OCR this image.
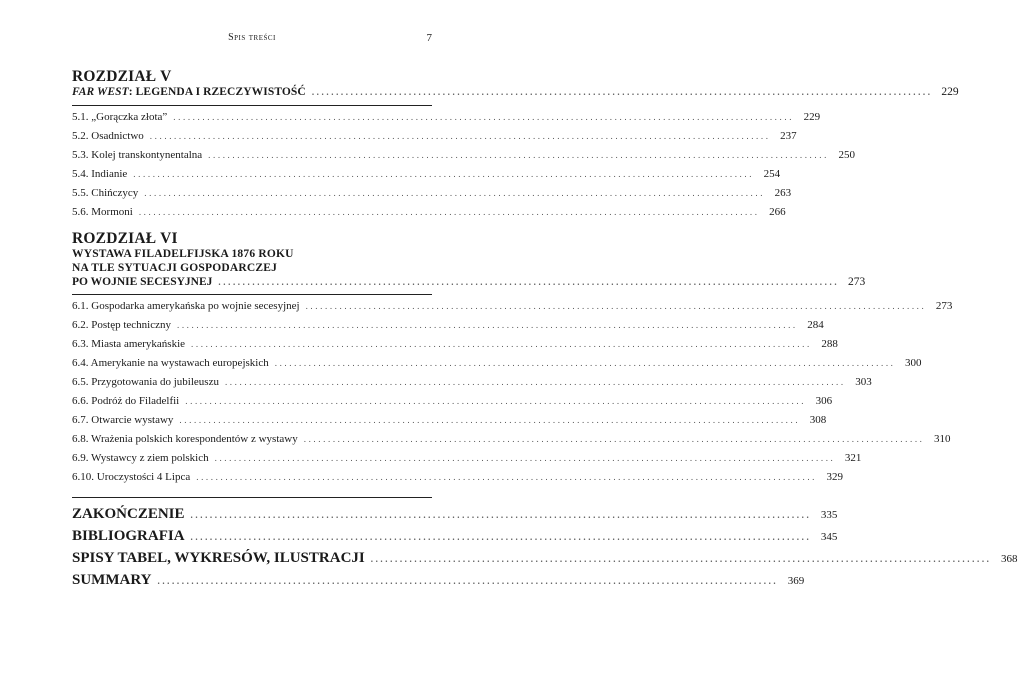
Spis treści	7
ROZDZIAŁ V
FAR WEST: LEGENDA I RZECZYWISTOŚĆ ................................................................................................................................ 229
5.1. „Gorączka złota” ................................................................................................................................ 229
5.2. Osadnictwo ................................................................................................................................ 237
5.3. Kolej transkontynentalna ................................................................................................................................ 250
5.4. Indianie ................................................................................................................................ 254
5.5. Chińczycy ................................................................................................................................ 263
5.6. Mormoni ................................................................................................................................ 266
ROZDZIAŁ VI
WYSTAWA FILADELFIJSKA 1876 ROKU
NA TLE SYTUACJI GOSPODARCZEJ
PO WOJNIE SECESYJNEJ ................................................................................................................................ 273
6.1. Gospodarka amerykańska po wojnie secesyjnej ................................................................................................................................ 273
6.2. Postęp techniczny ................................................................................................................................ 284
6.3. Miasta amerykańskie ................................................................................................................................ 288
6.4. Amerykanie na wystawach europejskich ................................................................................................................................ 300
6.5. Przygotowania do jubileuszu ................................................................................................................................ 303
6.6. Podróż do Filadelfii ................................................................................................................................ 306
6.7. Otwarcie wystawy ................................................................................................................................ 308
6.8. Wrażenia polskich korespondentów z wystawy ................................................................................................................................ 310
6.9. Wystawcy z ziem polskich ................................................................................................................................ 321
6.10. Uroczystości 4 Lipca ................................................................................................................................ 329
ZAKOŃCZENIE ................................................................................................................................ 335
BIBLIOGRAFIA ................................................................................................................................ 345
SPISY TABEL, WYKRESÓW, ILUSTRACJI ................................................................................................................................ 368
SUMMARY ................................................................................................................................ 369
